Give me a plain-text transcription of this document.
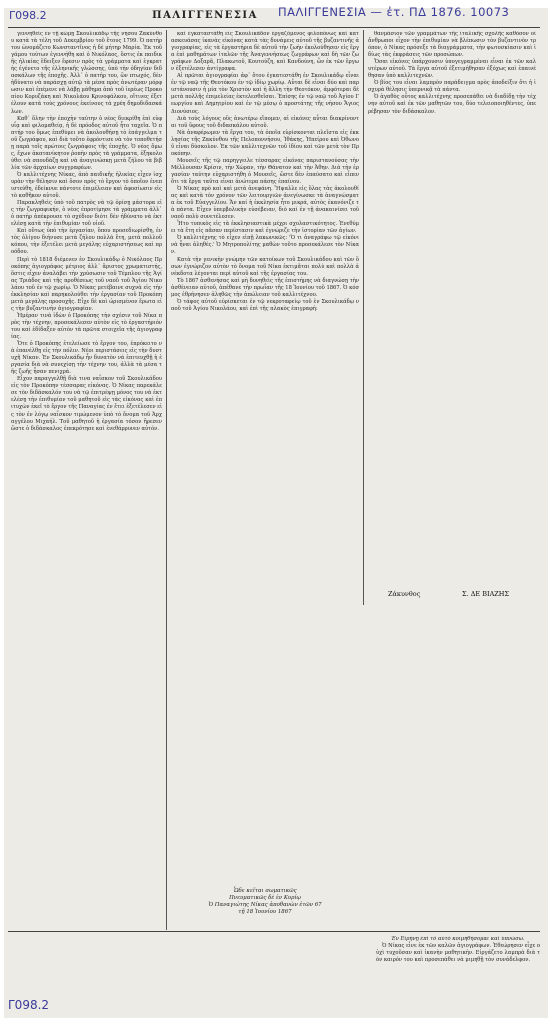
Γ098.2	ΠΑΛΙΓΓΕΝΕΣΙΑ ΠΑΛΙΓΓΕΝΕΣΙΑ — ἐτ. ΠΔ 1876. 10073

γεννηθεὶς ἐν τῇ κώμῃ Σκουλικάδῳ τῆς νήσου Ζακύνθου κατὰ τὰ τέλη τοῦ Δεκεμβρίου τοῦ ἔτους 1799. Ὁ πατήρ του ὠνομάζετο Κωνσταντῖνος ἡ δὲ μήτηρ Μαρία. Ἐκ τοῦ γάμου τούτων ἐγεννήθη καὶ ὁ Νικόλαος, ὅστις ἐκ παιδικῆς ἡλικίας ἔδειξεν ἔφεσιν πρὸς τὰ γράμματα καὶ ἐγκρατὴς ἐγένετο τῆς ἑλληνικῆς γλώσσης, ὑπὸ τὴν ὁδηγίαν διδασκάλων τῆς ἐποχῆς. Ἀλλ᾽ ὁ πατήρ του, ὢν πτωχός, δὲν ἠδύνατο νὰ παράσχῃ αὐτῷ τὰ μέσα πρὸς ἀνωτέραν μόρφωσιν καὶ ἐπέμενε νὰ λάβῃ μάθημα ἀπὸ τοῦ ἱερέως Προκοπίου Κορυζάκη καὶ Νικολάου Κρινοφάλκου, οἵτινες ἐξετέλουν κατὰ τοὺς χρόνους ἐκείνους τὰ χρέη δημοδιδασκάλων.

Καθ᾽ ὅλην τὴν ἐποχὴν ταύτην ὁ νέος διεκρίθη ἐπὶ εὐφυΐᾳ καὶ φιλομαθείᾳ, ἡ δὲ πρόοδος αὐτοῦ ἦτο ταχεῖα. Ὁ πατήρ του ὅμως ἐπεθύμει νὰ ἀκολουθήσῃ τὸ ἐπάγγελμα τοῦ ζωγράφου, καὶ διὰ τοῦτο ἐφρόντισε νὰ τὸν τοποθετήσῃ παρὰ τοῖς πρώτοις ζωγράφοις τῆς ἐποχῆς. Ὁ νέος ὅμως, ἔχων ἀκατανίκητον ῥοπὴν πρὸς τὰ γράμματα, ἐξηκολούθει νὰ σπουδάζῃ καὶ νὰ ἀναγινώσκῃ μετὰ ζήλου τὰ βιβλία τῶν ἀρχαίων συγγραφέων.

Ὁ καλλιτέχνης Νίκας, ἀπὸ παιδικῆς ἡλικίας εἶχεν ἰσχυρὰν τὴν θέλησιν καὶ ὅσον πρὸς τὸ ἔργον τὸ ὁποῖον ἐνεπιστεύθη, ἐδείκνυε πάντοτε ἐπιμέλειαν καὶ ἀφοσίωσιν εἰς τὸ καθῆκον αὐτοῦ.

Παρακληθεὶς ὑπὸ τοῦ πατρὸς νὰ τῷ ὀρίσῃ μάστορα εἰς τὴν ζωγραφικήν, ὁ νέος ἐπροτίμησε τὰ γράμματα ἀλλ᾽ ὁ πατὴρ ἀπέκρουσε τὸ σχέδιον διότι δὲν ἠδύνατο νὰ ἐκτελέσῃ κατὰ τὴν ἐπιθυμίαν τοῦ υἱοῦ.

Καὶ οὕτως ὑπὸ τὴν ἐργασίαν, ὅπου προσεδιωρίσθη, ἐντὸς ὀλίγου διήνυσε μετὰ ζήλου πολλὰ ἔτη, μετὰ πολλοῦ κόπου, τὴν ἐξετέλει μετὰ μεγάλης εὐχαριστήσεως καὶ προόδου.

Περὶ τὸ 1818 διέμενεν ἐν Σκουλικάδῳ ὁ Νικόλαος Προκόπης ἁγιογράφος μέτριος ἀλλ᾽ ἄριστος χρωματιστής, ὅστις εἶχεν ἀναλάβει τὴν χρύσωσιν τοῦ Τέμπλου τῆς Ἁγίας Τριάδος καὶ τῆς προθέσεως τοῦ ναοῦ τοῦ Ἁγίου Νικολάου τοῦ ἐν τῷ χωρίῳ. Ὁ Νίκας μετέβαινε συχνὰ εἰς τὴν ἐκκλησίαν καὶ παρηκολούθει τὴν ἐργασίαν τοῦ Προκόπη μετὰ μεγάλης προσοχῆς. Εἶχε δὲ καὶ ὡρισμένον ἔρωτα εἰς τὴν βυζαντινὴν ἁγιογραφίαν.

Ἡμέραν τινὰ ἰδὼν ὁ Προκόπης τὴν σχέσιν τοῦ Νίκα πρὸς τὴν τέχνην, προσεκάλεσεν αὐτὸν εἰς τὸ ἐργαστήριόν του καὶ ἐδίδαξεν αὐτὸν τὰ πρῶτα στοιχεῖα τῆς ἁγιογραφίας.

Ὅτε ὁ Προκόπης ἐτελείωσε τὸ ἔργον του, ἐπρόκειτο νὰ ἐπανέλθῃ εἰς τὴν πόλιν. Νέοι περιστάσεις εἰς τὴν δυστυχῆ Νίκαν. Ἐν Σκουλικάδῳ ἦν δυνατὸν νὰ ἐπιτευχθῇ ἡ ἐργασία διὰ νὰ συνεχίσῃ τὴν τέχνην του, ἀλλὰ τὰ μέσα τῆς ζωῆς ἦσαν πενιχρά.

Εἶχον παραγγελθῇ διὰ τινα ναΐσκον τοῦ Σκουλικάδου εἰς τὸν Προκόπην τέσσαρας εἰκόνας. Ὁ Νίκας παρεκάλεσε τὸν διδάσκαλόν του νὰ τῷ ἐπιτρέψῃ μόνος του νὰ ἐκτελέσῃ τὴν ἐπιθυμίαν τοῦ μαθητοῦ εἰς τὰς εἰκόνας καὶ ἐπιτυχὼν ἐκεῖ τὸ ἔργον τῆς Παναγίας ἐν ἔτει ἐξετέλεσεν εἰς τὸν ἐν λόγῳ ναΐσκον τιμώμενον ὑπὸ τὸ ὄνομα τοῦ Ἀρχαγγέλου Μιχαήλ. Τοῦ μαθητοῦ ἡ ἐργασία τόσον ἤρεσεν ὥστε ὁ διδάσκαλος ἐπεκρότησε καὶ ἐνεθάρρυνεν αὐτόν.

καὶ ἐγκαταστάθη εἰς Σκουλικάδον ἐργαζόμενος φιλοπόνως καὶ κατασκευάσας ἱκανὰς εἰκόνας κατὰ τὰς δυνάμεις αὐτοῦ τῆς βυζαντινῆς ἁγιογραφίας, εἰς τὰ ἐργαστήρια δὲ αὐτοῦ τὴν ζωὴν ἐκολούθησεν εἰς ἔργα ἐπὶ μαθημάτων ἰταλῶν τῆς Ἀναγεννήσεως ζωγράφων καὶ δὴ τῶν ζωγράφων Δοξαρᾶ, Πλακωτοῦ, Κουτούζη, καὶ Κανδούνη, ὧν ἐκ τῶν ἔργων ἐξετέλεσεν ἀντίγραφα.

Αἱ πρῶται ἁγιογραφίαι ἀφ᾽ ὅτου ἐγκατεστάθη ἐν Σκουλικάδῳ εἶναι ἐν τῷ ναῷ τῆς Θεοτόκου ἐν τῷ ἰδίῳ χωρίῳ. Αὗται δὲ εἶναι δύο καὶ παριστάνουσιν ἡ μία τὸν Χριστὸν καὶ ἡ ἄλλη τὴν Θεοτόκον, ἀμφότεραι δὲ μετὰ πολλῆς ἐπιμελείας ἐκτελεσθεῖσαι. Ἐπίσης ἐν τῷ ναῷ τοῦ Ἁγίου Γεωργίου καὶ Δημητρίου καὶ ἐν τῷ μέσῳ ὁ προστάτης τῆς νήσου Ἅγιος Διονύσιος.

Διὰ τοὺς λόγους οὓς ἀνωτέρω εἴπομεν, αἱ εἰκόνες αὗται διακρίνονται τοῦ ὕφους τοῦ διδασκάλου αὐτοῦ.

Νὰ ἀναφέρωμεν τὰ ἔργα του, τὰ ὁποῖα εὑρίσκονται πλεῖστα εἰς ἐκκλησίας τῆς Ζακύνθου τῆς Πελοποννήσου, Ἰθάκης, Ἠπείρου καὶ Ὀθωνοῦ εἶναι δύσκολον. Ἐκ τῶν καλλιτεχνῶν τοῦ ἰδίου καὶ τῶν μετὰ τὸν Προκόπην.

Μουσεῖς τῆς τῷ παρηγγειλε τέσσαρας εἰκόνας παριστανούσας τὴν Μέλλουσαν Κρίσιν, τὴν Χώραν, τὴν Θάνατον καὶ τὴν Ἀθην. Διὰ τὴν ἐργασίαν ταύτην εὐχαριστήθη ὁ Μουσεῖς, ὥστε δὲν ἐπαύσατο καὶ εἶπεν ὅτι τὰ ἔργα ταῦτα εἶναι ἀνώτερα πάσης ἐπαίνου.

Ὁ Νίκας πρὸ καὶ καὶ μετὰ ἀνεφάνη. Ἤψαλλε εἰς ὅλας τὰς ἀκολουθίας καὶ κατὰ τὸν χρόνον τῶν λειτουργιῶν ἀνεγίνωσκε τὰ ἀναγνώσματα ἐκ τοῦ Εὐαγγελίου. Ἄν καί ἡ ἐκκλησία ἦτο μικρά, αὐτὸς ἐκανόνιζε τὰ πάντα. Εἶχεν ὑπερβολικὴν εὐσέβειαν, διὸ καὶ ἐν τῇ ἀνακαινίσει τοῦ ναοῦ πολὺ συνετέλεσεν.

Ἦτο τυπικὸς εἰς τὰ ἐκκλησιαστικὰ μέχρι σχολαστικότητος. Ἐνεθύμει τὰ ἔτη εἰς πᾶσαν περίστασιν καὶ ἐγνώριζε τὴν ἱστορίαν τῶν ἁγίων.

Ὁ καλλιτέχνης τὸ εἶχεν εἰπῇ λακωνικῶς: 'Ὁ τι ἀναγράφω τῷ εἰκόνι νὰ ἦναι ἀληθές.' Ὁ Μητροπολίτης μαθὼν τοῦτο προσεκάλεσε τὸν Νίκαν.

Κατὰ τὴν γενικὴν γνώμην τῶν κατοίκων τοῦ Σκουλικάδου καὶ τῶν ὅσων ἐγνώριζον αὐτὸν τὸ ὄνομα τοῦ Νίκα ἐκτιμᾶται πολὺ καὶ πολλὰ ἀνέκδοτα λέγονται περὶ αὐτοῦ καὶ τῆς ἐργασίας του.

Τὸ 1867 ἀσθενήσας καὶ μὴ δυνηθεὶς τῆς ἐπιστήμης νὰ διαγνώσῃ τὴν ἀσθένειαν αὐτοῦ, ἀπέθανε τὴν πρωΐαν τῆς 18 Ἰουνίου τοῦ 1867. Ὁ κόσμος ἐθρήνησεν ἀληθῶς τὴν ἀπώλειαν τοῦ καλλιτέχνου.

Ὁ τάφος αὐτοῦ εὑρίσκεται ἐν τῷ νεκροταφείῳ τοῦ ἐν Σκουλικάδῳ ναοῦ τοῦ Ἁγίου Νικολάου, καὶ ἐπὶ τῆς πλακὸς ἐπιγραφή:

Ὧδε κεῖται σωματικῶς
Πνευματικῶς δὲ ἐν Κυρίῳ
Ὁ Παναγιώτης Νίκας ἀποθανὼν ἐτῶν 67
τῇ 18 Ἰουνίου 1867

θανμάσιον τῶν γραμμάτων τῆς ἰταλικῆς σχολῆς καθόσον οἱ ἄνθρωποι εἶχον τὴν ἐπιθυμίαν νὰ βλέπωσιν τὸν βυζαντινὸν τρόπον, ὁ Νίκας πρόσεξε τὰ διαγράμματα, τὴν φωτοσκίασιν καὶ ἰδίως τὰς ἐκφράσεις τῶν προσώπων.

Ὅσαι εἰκόνες ὑπάρχουσιν ὑπογεγραμμέναι εἶναι ἐκ τῶν καλυτέρων αὐτοῦ. Τὰ ἔργα αὐτοῦ ἐξετιμήθησαν ἐξόχως καὶ ἐπαινέθησαν ὑπὸ καλλιτεχνῶν.

Ὁ βίος του εἶναι λαμπρὸν παράδειγμα πρὸς ἀποδείξιν ὅτι ἡ ἰσχυρὰ θέλησις ὑπερνικᾷ τὰ πάντα.

Ὁ ἀγαθὸς οὗτος καλλιτέχνης προσεπάθει νὰ διαδίδῃ τὴν τέχνην αὐτοῦ καὶ ἐκ τῶν μαθητῶν του, δύο τελειοποιηθέντες, ὑπερέβησαν τὸν διδάσκαλον.

Ζάκυνθος	Σ. ΔΕ ΒΙΑΖΗΣ

Ἐν Εἰρήνῃ ἐπὶ τὸ αὐτὸ κοιμηθήσομαι καὶ ὑπνώσω.

Ὁ Νίκας εἶνε ἐκ τῶν καλῶν ἁγιογράφων. Ἐθεώρησεν εἶχε οὐχὶ τυχοῦσαν καὶ ἰκανὴν μαθητικὴν. Εἰργάζετο λαμπρὰ διὰ τὸν καιρόν του καὶ προσεπάθει νὰ μιμηθῇ τὸν συνάδελφον.

Γ098.2
